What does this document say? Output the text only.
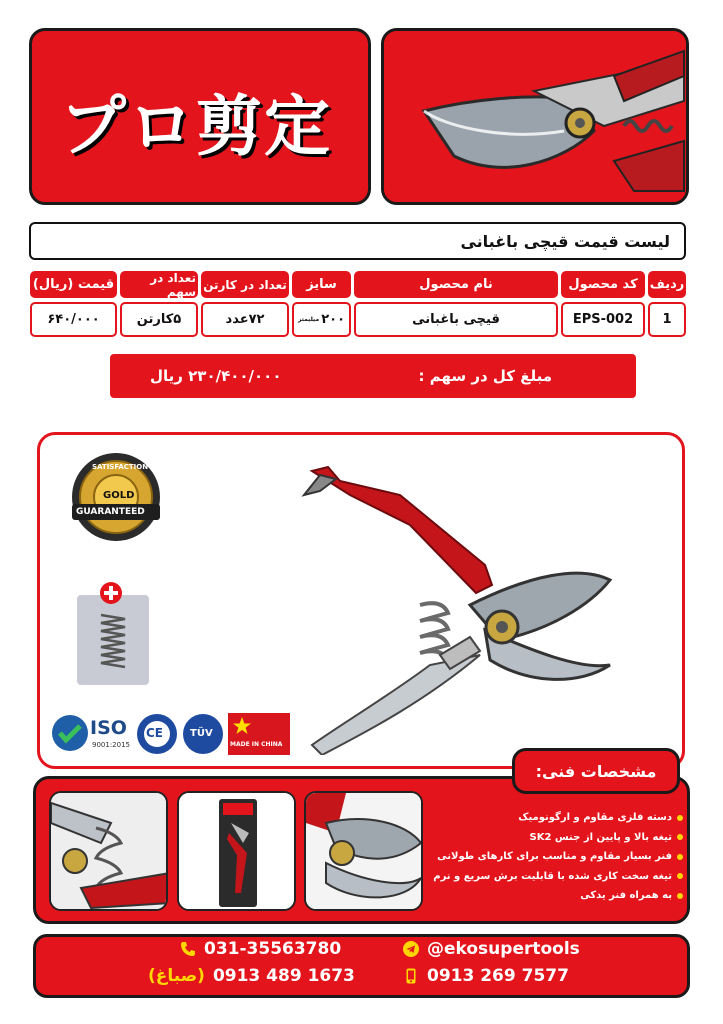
プロ剪定
لیست قیمت قیچی باغبانی
ردیف
کد محصول
نام محصول
سایز
تعداد در کارتن
تعداد در سهم
قیمت (ریال)
1
EPS-002
قیچی باغبانی
۲۰۰
میلیمتر
۷۲عدد
۵کارتن
۶۴۰/۰۰۰
۲۳۰/۴۰۰/۰۰۰ ریال	مبلغ کل در سهم :
SATISFACTION
GOLD
GUARANTEED
ISO
9001:2015
CE	TÜV
MADE IN CHINA
مشخصات فنی:
دسته فلزی مقاوم و ارگونومیک
تیغه بالا و پایین از جنس SK2
فنر بسیار مقاوم و مناسب برای کارهای طولانی
تیغه سخت کاری شده با قابلیت برش سریع و نرم
به همراه فنر یدکی
031-35563780
(صباغ) 0913 489 1673
@ekosupertools
0913 269 7577
